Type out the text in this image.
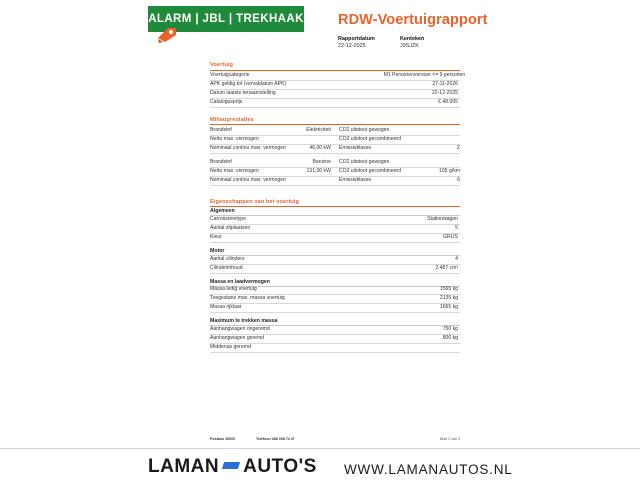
ALARM | JBL | TREKHAAK RDW-Voertuigrapport
Rapportdatum
22-12-2025
Kenteken
J9SJZK
Voertuig
Voertuigcategorie	M1 Personenvervoer <= 9 personen
APK geldig tot (vervaldatum APK)	27-11-2026
Datum laatste tenaamstelling	22-12-2025
Catalogusprijs	€ 48.005
Milieuprestaties
Brandstof	Elektriciteit	CO2 uitstoot gewogen	
Netto max. vermogen		CO2 uitstoot gecombineerd	
Nominaal continu max. vermogen	46,00 kW	Emissieklasse	Z
Brandstof	Benzine	CO2 uitstoot gewogen	
Netto max. vermogen	131,00 kW	CO2 uitstoot gecombineerd	105 g/km
Nominaal continu max. vermogen		Emissieklasse	6
Eigenschappen van het voertuig
Algemeen
Carrosserietype	Stationwagen
Aantal zitplaatsen	5
Kleur	GRIJS
Motor
Aantal cilinders	4
Cilinderinhoud	2.487 cm³
Massa en laadvermogen
Massa ledig voertuig	1565 kg
Toegestane max. massa voertuig	2135 kg
Massa rijklaar	1665 kg
Maximum te trekken massa
Aanhangwagen ongeremd	750 kg
Aanhangwagen geremd	800 kg
Middenas geremd	
Postbus 30000	Telefoon 088 008 74 47	Blad 2 van 3
LAMAN AUTO'S WWW.LAMANAUTOS.NL
